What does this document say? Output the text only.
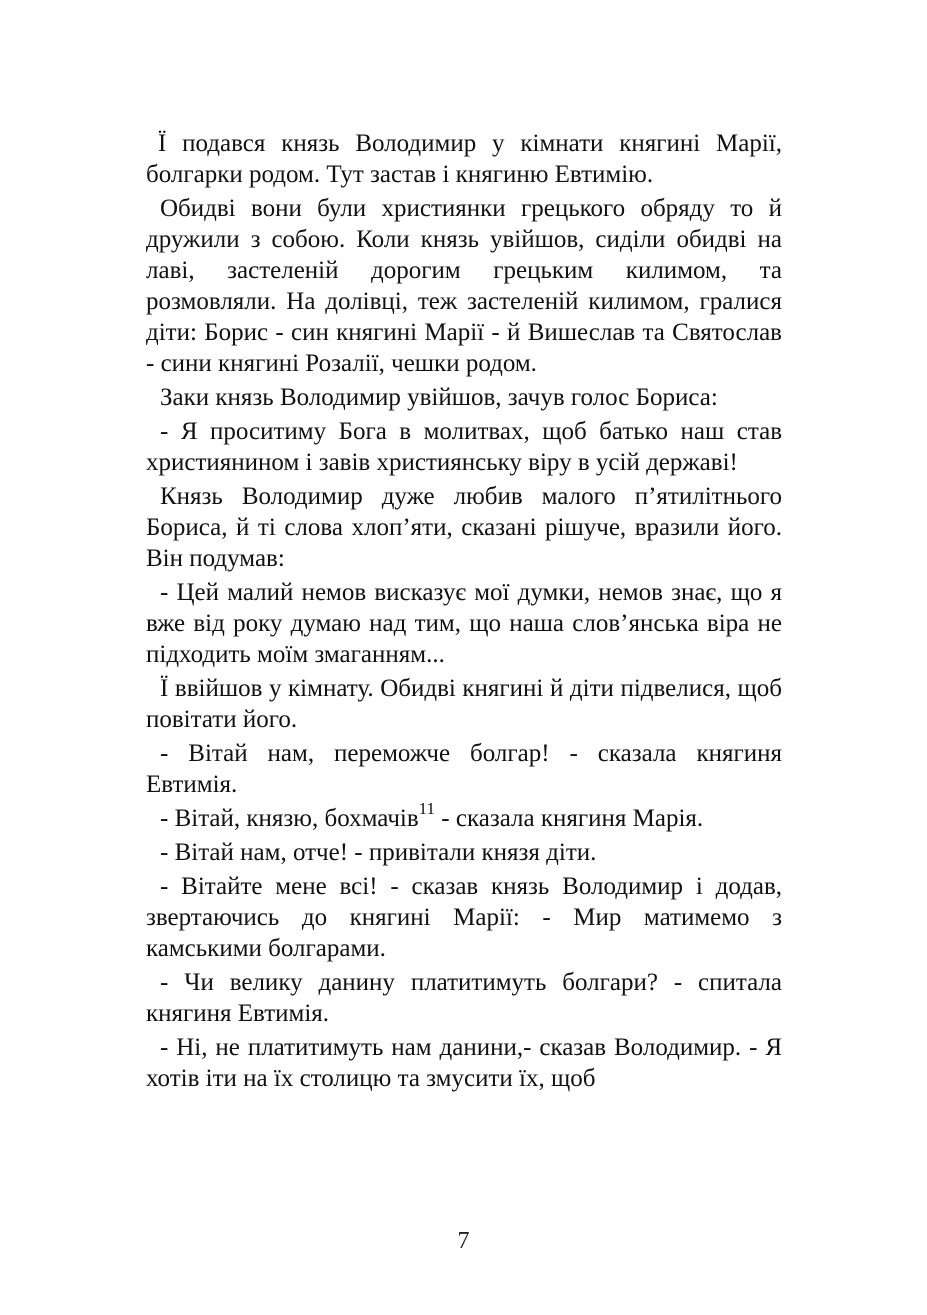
Ї подався князь Володимир у кімнати княгині Марії, болгарки родом. Тут застав і княгиню Евтимію.

Обидві вони були християнки грецького обряду то й дружили з собою. Коли князь увійшов, сиділи обидві на лаві, застеленій дорогим грецьким килимом, та розмовляли. На долівці, теж застеленій килимом, гралися діти: Борис - син княгині Марії - й Вишеслав та Святослав - сини княгині Розалії, чешки родом.

Заки князь Володимир увійшов, зачув голос Бориса:

- Я проситиму Бога в молитвах, щоб батько наш став християнином і завів християнську віру в усій державі!

Князь Володимир дуже любив малого п’ятилітнього Бориса, й ті слова хлоп’яти, сказані рішуче, вразили його. Він подумав:

- Цей малий немов висказує мої думки, немов знає, що я вже від року думаю над тим, що наша слов’янська віра не підходить моїм змаганням...

Ї ввійшов у кімнату. Обидві княгині й діти підвелися, щоб повітати його.

- Вітай нам, переможче болгар! - сказала княгиня Евтимія.

- Вітай, князю, бохмачів$^{11}$ - сказала княгиня Марія.

- Вітай нам, отче! - привітали князя діти.

- Вітайте мене всі! - сказав князь Володимир і додав, звертаючись до княгині Марії: - Мир матимемо з камськими болгарами.

- Чи велику данину платитимуть болгари? - спитала княгиня Евтимія.

- Ні, не платитимуть нам данини,- сказав Володимир. - Я хотів іти на їх столицю та змусити їх, щоб

7
